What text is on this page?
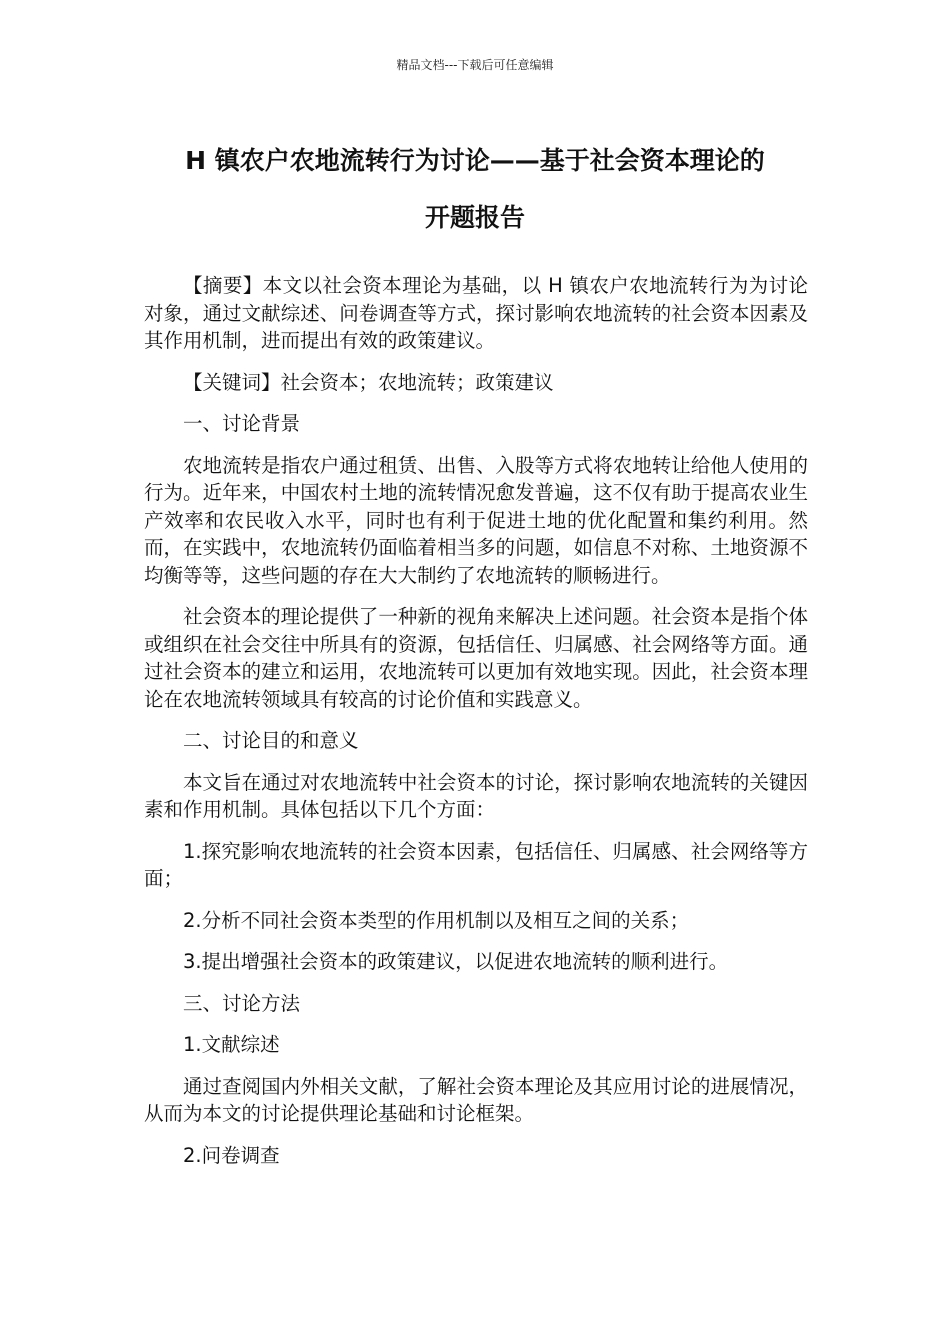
精品文档---下载后可任意编辑
H 镇农户农地流转行为讨论——基于社会资本理论的
开题报告

【摘要】本文以社会资本理论为基础，以 H 镇农户农地流转行为为讨论对象，通过文献综述、问卷调查等方式，探讨影响农地流转的社会资本因素及其作用机制，进而提出有效的政策建议。

【关键词】社会资本；农地流转；政策建议

一、讨论背景

农地流转是指农户通过租赁、出售、入股等方式将农地转让给他人使用的行为。近年来，中国农村土地的流转情况愈发普遍，这不仅有助于提高农业生产效率和农民收入水平，同时也有利于促进土地的优化配置和集约利用。然而，在实践中，农地流转仍面临着相当多的问题，如信息不对称、土地资源不均衡等等，这些问题的存在大大制约了农地流转的顺畅进行。

社会资本的理论提供了一种新的视角来解决上述问题。社会资本是指个体或组织在社会交往中所具有的资源，包括信任、归属感、社会网络等方面。通过社会资本的建立和运用，农地流转可以更加有效地实现。因此，社会资本理论在农地流转领域具有较高的讨论价值和实践意义。

二、讨论目的和意义

本文旨在通过对农地流转中社会资本的讨论，探讨影响农地流转的关键因素和作用机制。具体包括以下几个方面：

1.探究影响农地流转的社会资本因素，包括信任、归属感、社会网络等方面；

2.分析不同社会资本类型的作用机制以及相互之间的关系；

3.提出增强社会资本的政策建议，以促进农地流转的顺利进行。

三、讨论方法

1.文献综述

通过查阅国内外相关文献，了解社会资本理论及其应用讨论的进展情况，从而为本文的讨论提供理论基础和讨论框架。

2.问卷调查
